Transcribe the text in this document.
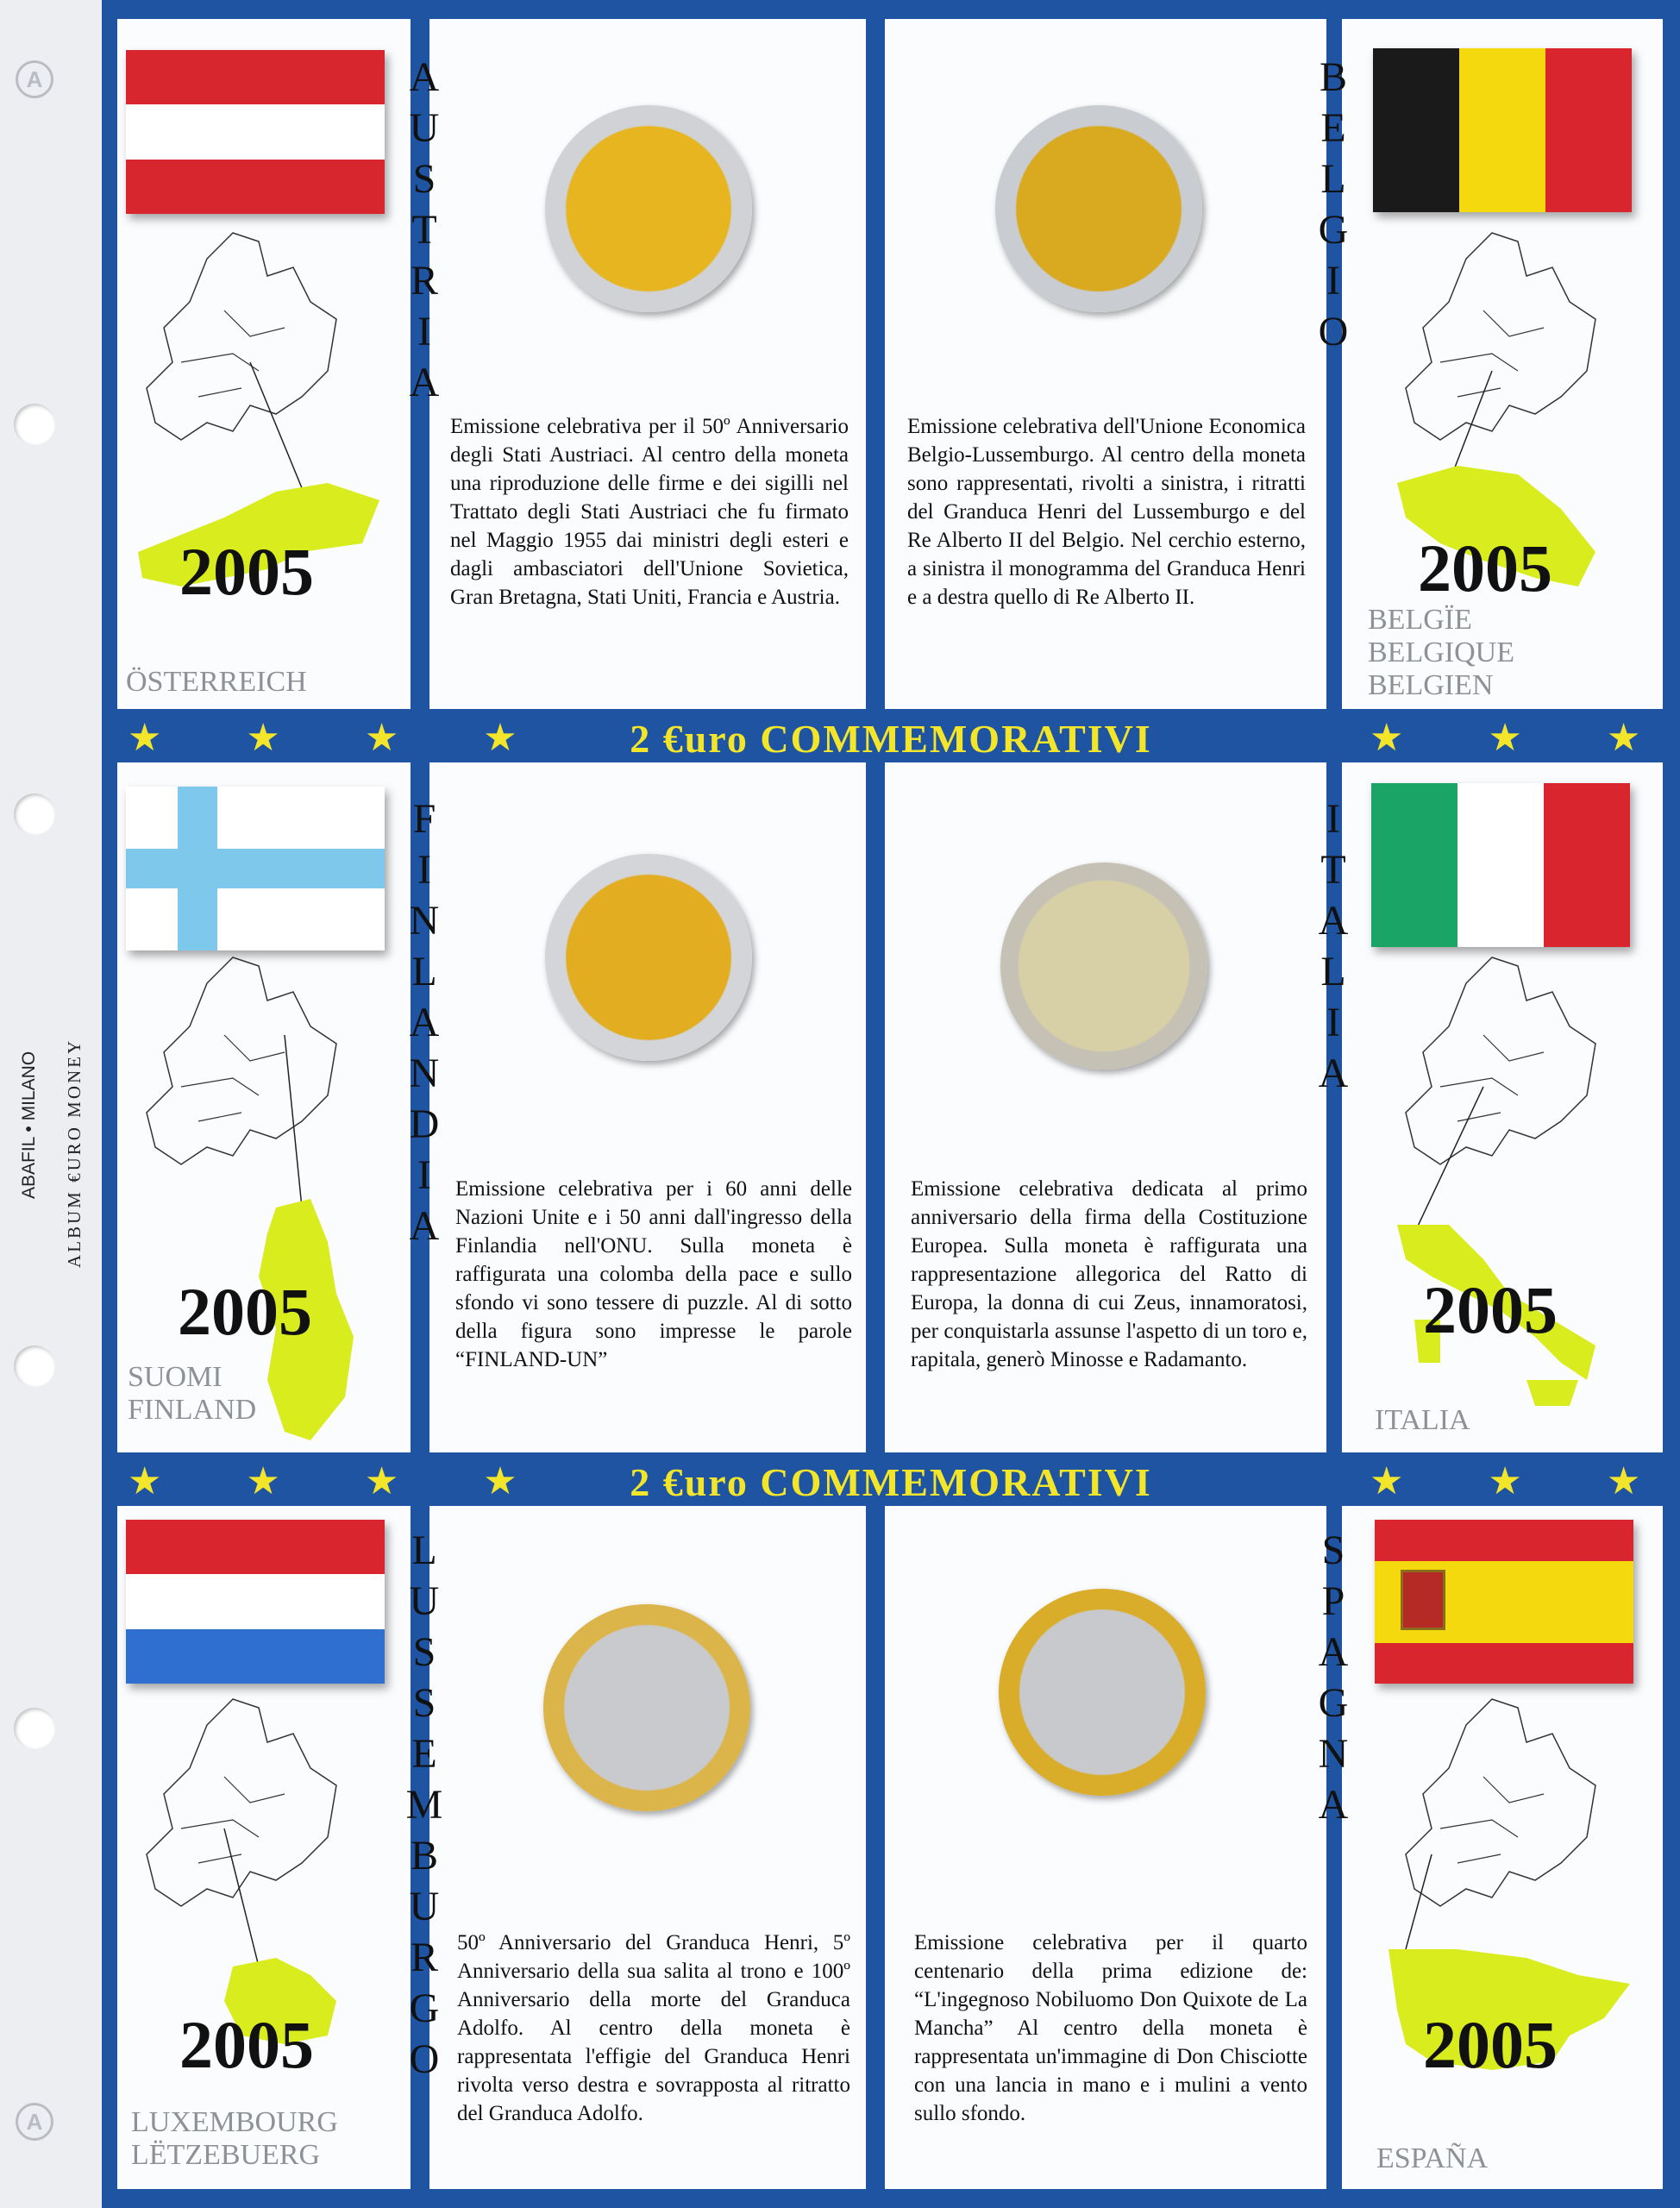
A
ABAFIL • MILANO ALBUM €URO MONEY
A
★ ★ ★ ★	2 €uro COMMEMORATIVI	★ ★ ★
★ ★ ★ ★	2 €uro COMMEMORATIVI	★ ★ ★
A
U
S
T
R
I
A
2005
ÖSTERREICH
Emissione celebrativa per il 50º Anniversario degli Stati Austriaci. Al centro della moneta una riproduzione delle firme e dei sigilli nel Trattato degli Stati Austriaci che fu firmato nel Maggio 1955 dai ministri degli esteri e dagli ambasciatori dell'Unione Sovietica, Gran Bretagna, Stati Uniti, Francia e Austria.
Emissione celebrativa dell'Unione Economica Belgio-Lussemburgo. Al centro della moneta sono rappresentati, rivolti a sinistra, i ritratti del Granduca Henri del Lussemburgo e del Re Alberto II del Belgio. Nel cerchio esterno, a sinistra il monogramma del Granduca Henri e a destra quello di Re Alberto II.
B
E
L
G
I
O
2005
BELGÏE
BELGIQUE
BELGIEN
F
I
N
L
A
N
D
I
A
2005
SUOMI
FINLAND
Emissione celebrativa per i 60 anni delle Nazioni Unite e i 50 anni dall'ingresso della Finlandia nell'ONU. Sulla moneta è raffigurata una colomba della pace e sullo sfondo vi sono tessere di puzzle. Al di sotto della figura sono impresse le parole “FINLAND-UN”
Emissione celebrativa dedicata al primo anniversario della firma della Costituzione Europea. Sulla moneta è raffigurata una rappresentazione allegorica del Ratto di Europa, la donna di cui Zeus, innamoratosi, per conquistarla assunse l'aspetto di un toro e, rapitala, generò Minosse e Radamanto.
I
T
A
L
I
A
2005
ITALIA
L
U
S
S
E
M
B
U
R
G
O
2005
LUXEMBOURG
LËTZEBUERG
50º Anniversario del Granduca Henri, 5º Anniversario della sua salita al trono e 100º Anniversario della morte del Granduca Adolfo. Al centro della moneta è rappresentata l'effigie del Granduca Henri rivolta verso destra e sovrapposta al ritratto del Granduca Adolfo.
Emissione celebrativa per il quarto centenario della prima edizione de: “L'ingegnoso Nobiluomo Don Quixote de La Mancha” Al centro della moneta è rappresentata un'immagine di Don Chisciotte con una lancia in mano e i mulini a vento sullo sfondo.
S
P
A
G
N
A
2005
ESPAÑA
